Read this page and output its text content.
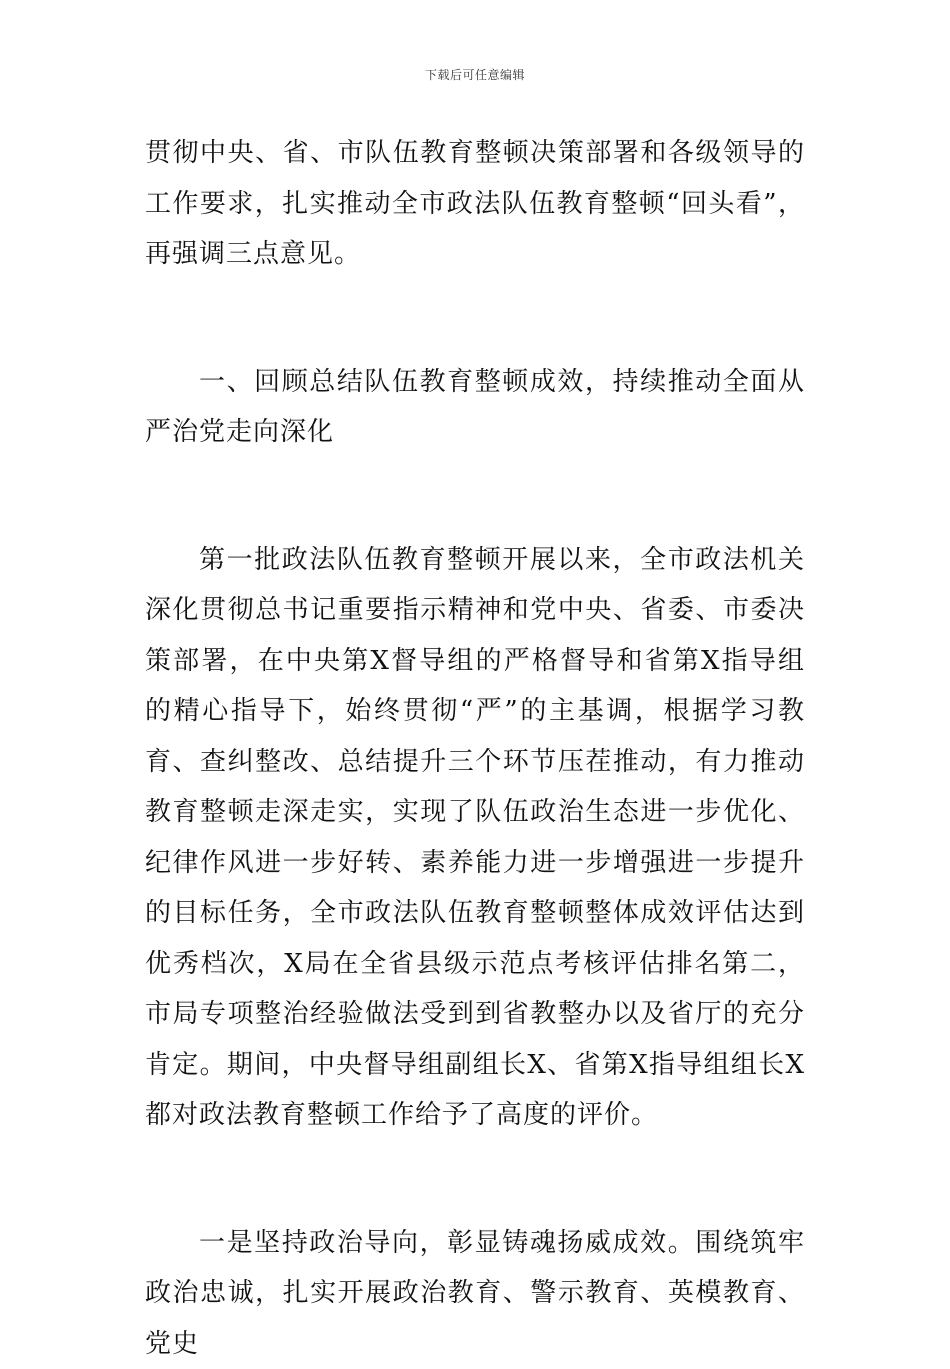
下载后可任意编辑

贯彻中央、省、市队伍教育整顿决策部署和各级领导的工作要求，扎实推动全市政法队伍教育整顿“回头看”，再强调三点意见。

一、回顾总结队伍教育整顿成效，持续推动全面从严治党走向深化

第一批政法队伍教育整顿开展以来，全市政法机关深化贯彻总书记重要指示精神和党中央、省委、市委决策部署，在中央第X督导组的严格督导和省第X指导组的精心指导下，始终贯彻“严”的主基调，根据学习教育、查纠整改、总结提升三个环节压茬推动，有力推动教育整顿走深走实，实现了队伍政治生态进一步优化、纪律作风进一步好转、素养能力进一步增强进一步提升的目标任务，全市政法队伍教育整顿整体成效评估达到优秀档次，X局在全省县级示范点考核评估排名第二，市局专项整治经验做法受到到省教整办以及省厅的充分肯定。期间，中央督导组副组长X、省第X指导组组长X都对政法教育整顿工作给予了高度的评价。

一是坚持政治导向，彰显铸魂扬威成效。围绕筑牢政治忠诚，扎实开展政治教育、警示教育、英模教育、党史
